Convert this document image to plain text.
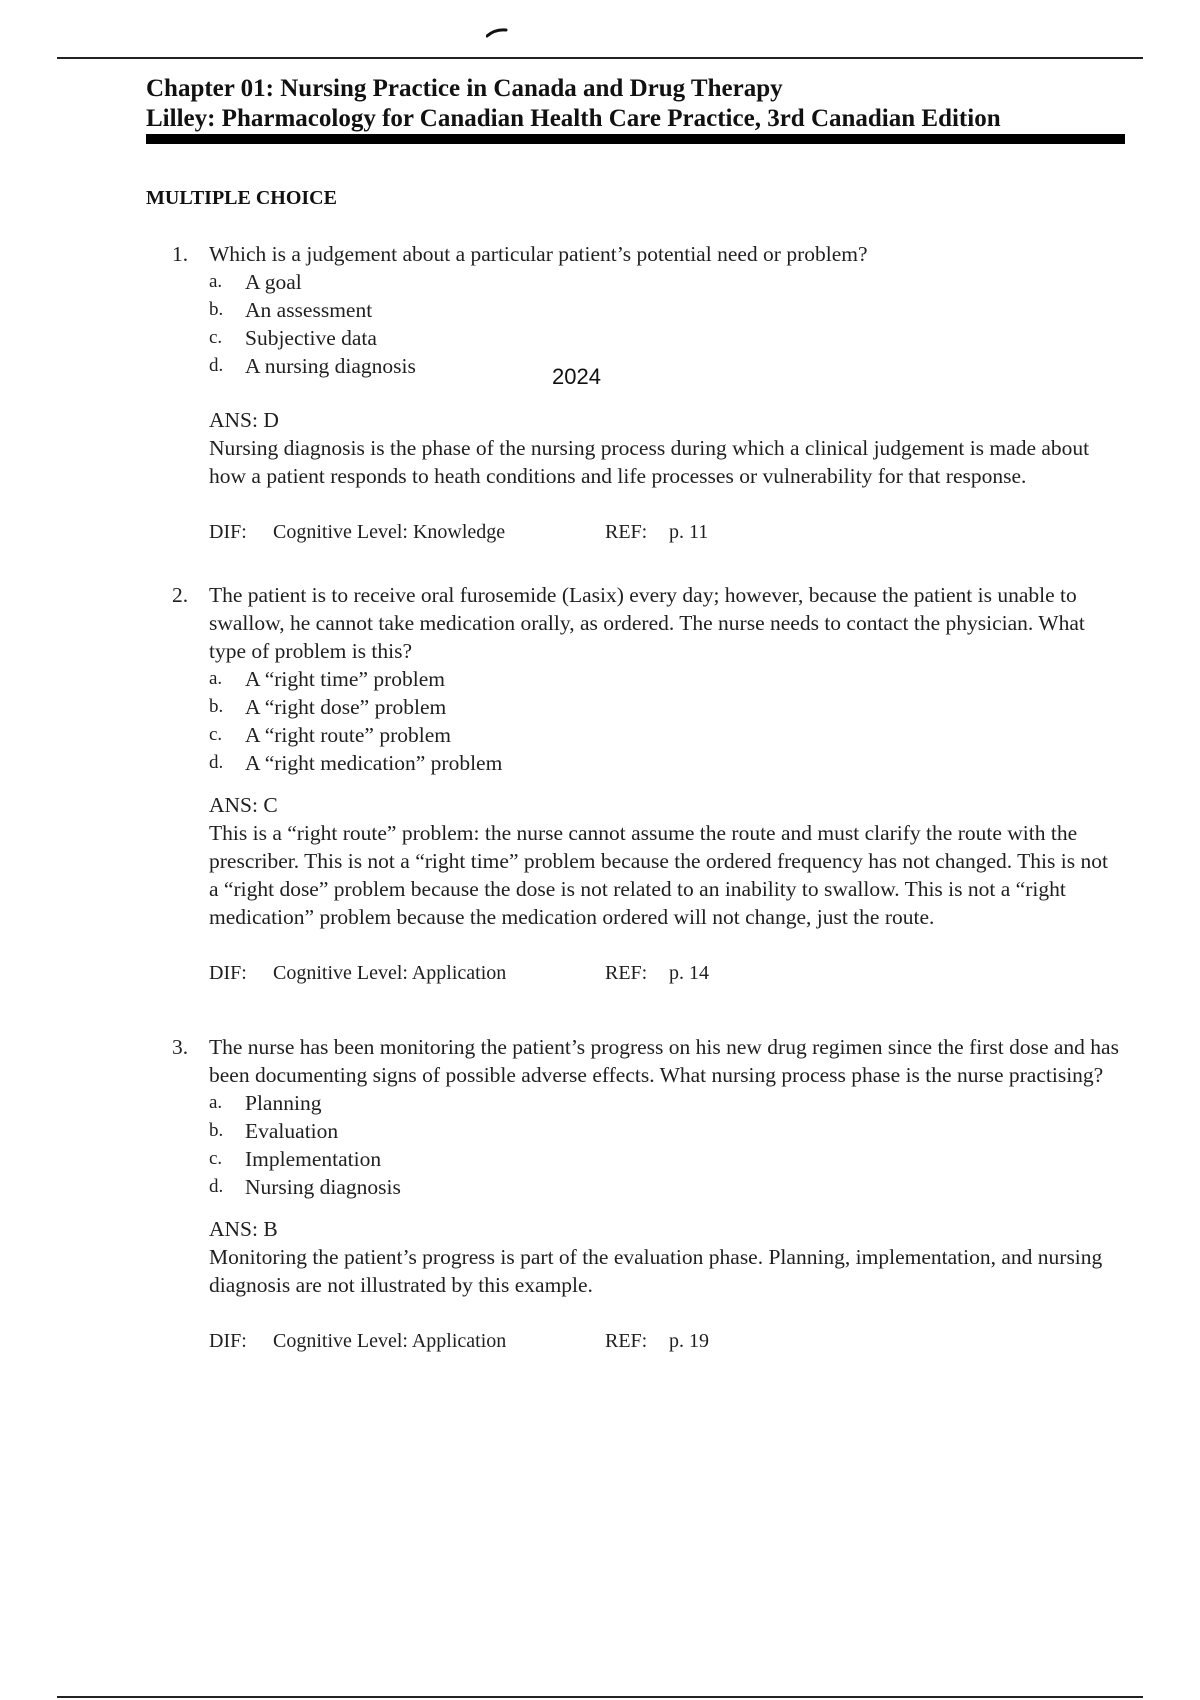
Chapter 01: Nursing Practice in Canada and Drug Therapy
Lilley: Pharmacology for Canadian Health Care Practice, 3rd Canadian Edition
MULTIPLE CHOICE
2024
1. Which is a judgement about a particular patient’s potential need or problem?
a.	A goal
b.	An assessment
c.	Subjective data
d.	A nursing diagnosis
ANS: D
Nursing diagnosis is the phase of the nursing process during which a clinical judgement is made about how a patient responds to heath conditions and life processes or vulnerability for that response.
DIF: Cognitive Level: Knowledge	REF: p. 11
2. The patient is to receive oral furosemide (Lasix) every day; however, because the patient is unable to swallow, he cannot take medication orally, as ordered. The nurse needs to contact the physician. What type of problem is this?
a.	A “right time” problem
b.	A “right dose” problem
c.	A “right route” problem
d.	A “right medication” problem
ANS: C
This is a “right route” problem: the nurse cannot assume the route and must clarify the route with the prescriber. This is not a “right time” problem because the ordered frequency has not changed. This is not a “right dose” problem because the dose is not related to an inability to swallow. This is not a “right medication” problem because the medication ordered will not change, just the route.
DIF: Cognitive Level: Application	REF: p. 14
3. The nurse has been monitoring the patient’s progress on his new drug regimen since the first dose and has been documenting signs of possible adverse effects. What nursing process phase is the nurse practising?
a.	Planning
b.	Evaluation
c.	Implementation
d.	Nursing diagnosis
ANS: B
Monitoring the patient’s progress is part of the evaluation phase. Planning, implementation, and nursing diagnosis are not illustrated by this example.
DIF: Cognitive Level: Application	REF: p. 19
